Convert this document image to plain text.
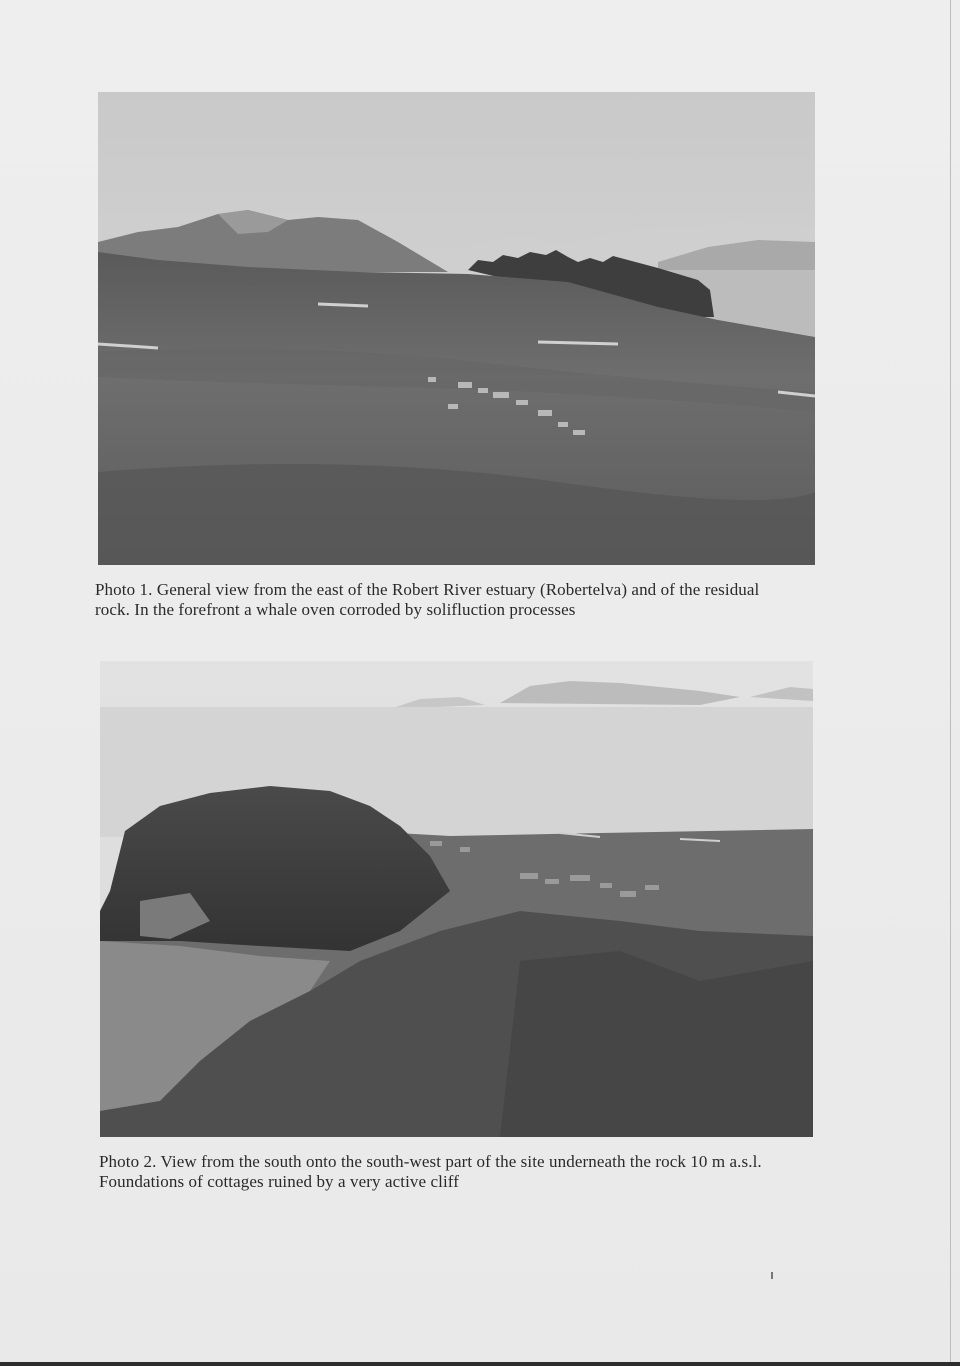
Photo 1. General view from the east of the Robert River estuary (Robertelva) and of the residual
rock. In the forefront a whale oven corroded by solifluction processes

Photo 2. View from the south onto the south-west part of the site underneath the rock 10 m a.s.l.
Foundations of cottages ruined by a very active cliff
